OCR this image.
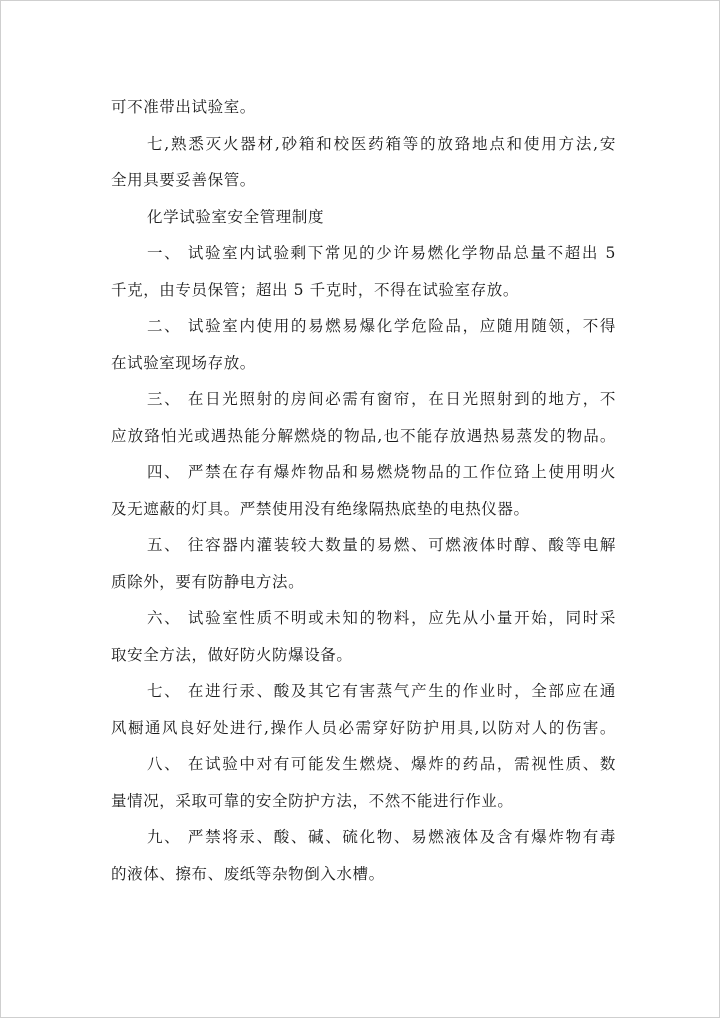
可不准带出试验室。
七,熟悉灭火器材,砂箱和校医药箱等的放臵地点和使用方法,安
全用具要妥善保管。
化学试验室安全管理制度
一、 试验室内试验剩下常见的少许易燃化学物品总量不超出 5
千克，由专员保管；超出 5 千克时，不得在试验室存放。
二、 试验室内使用的易燃易爆化学危险品，应随用随领，不得
在试验室现场存放。
三、 在日光照射的房间必需有窗帘，在日光照射到的地方，不
应放臵怕光或遇热能分解燃烧的物品,也不能存放遇热易蒸发的物品。
四、 严禁在存有爆炸物品和易燃烧物品的工作位臵上使用明火
及无遮蔽的灯具。严禁使用没有绝缘隔热底垫的电热仪器。
五、 往容器内灌装较大数量的易燃、可燃液体时醇、酸等电解
质除外，要有防静电方法。
六、 试验室性质不明或未知的物料，应先从小量开始，同时采
取安全方法，做好防火防爆设备。
七、 在进行汞、酸及其它有害蒸气产生的作业时，全部应在通
风橱通风良好处进行,操作人员必需穿好防护用具,以防对人的伤害。
八、 在试验中对有可能发生燃烧、爆炸的药品，需视性质、数
量情况，采取可靠的安全防护方法，不然不能进行作业。
九、 严禁将汞、酸、碱、硫化物、易燃液体及含有爆炸物有毒
的液体、擦布、废纸等杂物倒入水槽。
